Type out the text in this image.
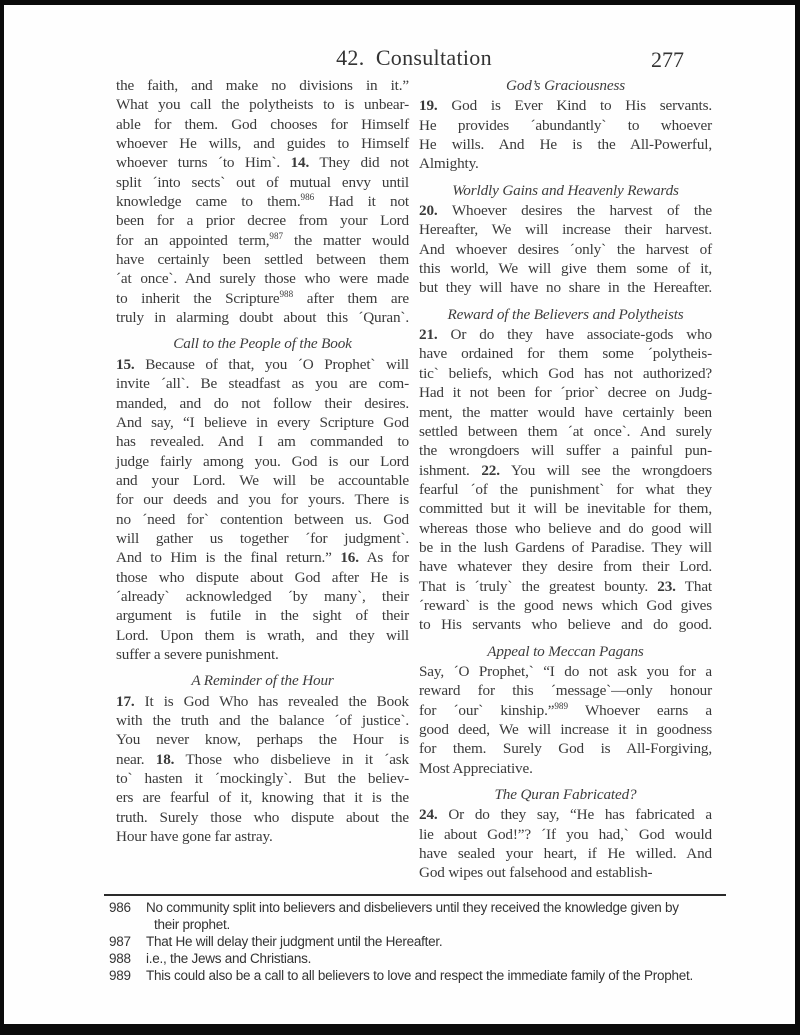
42. Consultation	277
the faith, and make no divisions in it.”
What you call the polytheists to is unbear-
able for them. God chooses for Himself
whoever He wills, and guides to Himself
whoever turns ´to Him`. 14. They did not
split ´into sects` out of mutual envy until
knowledge came to them.$^{986}$ Had it not
been for a prior decree from your Lord
for an appointed term,$^{987}$ the matter would
have certainly been settled between them
´at once`. And surely those who were made
to inherit the Scripture$^{988}$ after them are
truly in alarming doubt about this ´Quran`.
Call to the People of the Book
15. Because of that, you ´O Prophet` will
invite ´all`. Be steadfast as you are com-
manded, and do not follow their desires.
And say, “I believe in every Scripture God
has revealed. And I am commanded to
judge fairly among you. God is our Lord
and your Lord. We will be accountable
for our deeds and you for yours. There is
no ´need for` contention between us. God
will gather us together ´for judgment`.
And to Him is the final return.” 16. As for
those who dispute about God after He is
´already` acknowledged ´by many`, their
argument is futile in the sight of their
Lord. Upon them is wrath, and they will
suffer a severe punishment.
A Reminder of the Hour
17. It is God Who has revealed the Book
with the truth and the balance ´of justice`.
You never know, perhaps the Hour is
near. 18. Those who disbelieve in it ´ask
to` hasten it ´mockingly`. But the believ-
ers are fearful of it, knowing that it is the
truth. Surely those who dispute about the
Hour have gone far astray.
God’s Graciousness
19. God is Ever Kind to His servants.
He provides ´abundantly` to whoever
He wills. And He is the All-Powerful,
Almighty.
Worldly Gains and Heavenly Rewards
20. Whoever desires the harvest of the
Hereafter, We will increase their harvest.
And whoever desires ´only` the harvest of
this world, We will give them some of it,
but they will have no share in the Hereafter.
Reward of the Believers and Polytheists
21. Or do they have associate-gods who
have ordained for them some ´polytheis-
tic` beliefs, which God has not authorized?
Had it not been for ´prior` decree on Judg-
ment, the matter would have certainly been
settled between them ´at once`. And surely
the wrongdoers will suffer a painful pun-
ishment. 22. You will see the wrongdoers
fearful ´of the punishment` for what they
committed but it will be inevitable for them,
whereas those who believe and do good will
be in the lush Gardens of Paradise. They will
have whatever they desire from their Lord.
That is ´truly` the greatest bounty. 23. That
´reward` is the good news which God gives
to His servants who believe and do good.
Appeal to Meccan Pagans
Say, ´O Prophet,` “I do not ask you for a
reward for this ´message`—only honour
for ´our` kinship.”$^{989}$ Whoever earns a
good deed, We will increase it in goodness
for them. Surely God is All-Forgiving,
Most Appreciative.
The Quran Fabricated?
24. Or do they say, “He has fabricated a
lie about God!”? ´If you had,` God would
have sealed your heart, if He willed. And
God wipes out falsehood and establish-
986 No community split into believers and disbelievers until they received the knowledge given by
their prophet.
987 That He will delay their judgment until the Hereafter.
988 i.e., the Jews and Christians.
989 This could also be a call to all believers to love and respect the immediate family of the Prophet.
